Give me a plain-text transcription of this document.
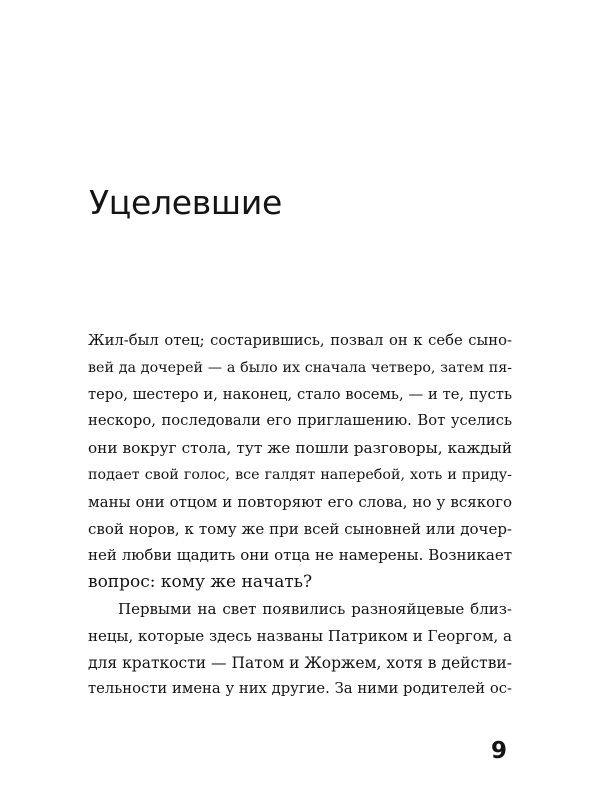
Уцелевшие
Жил-был отец; состарившись, позвал он к себе сыно-
вей да дочерей — а было их сначала четверо, затем пя-
теро, шестеро и, наконец, стало восемь, — и те, пусть
нескоро, последовали его приглашению. Вот уселись
они вокруг стола, тут же пошли разговоры, каждый
подает свой голос, все галдят наперебой, хоть и приду-
маны они отцом и повторяют его слова, но у всякого
свой норов, к тому же при всей сыновней или дочер-
ней любви щадить они отца не намерены. Возникает
вопрос: кому же начать?
Первыми на свет появились разнояйцевые близ-
нецы, которые здесь названы Патриком и Георгом, а
для краткости — Патом и Жоржем, хотя в действи-
тельности имена у них другие. За ними родителей ос-
9
